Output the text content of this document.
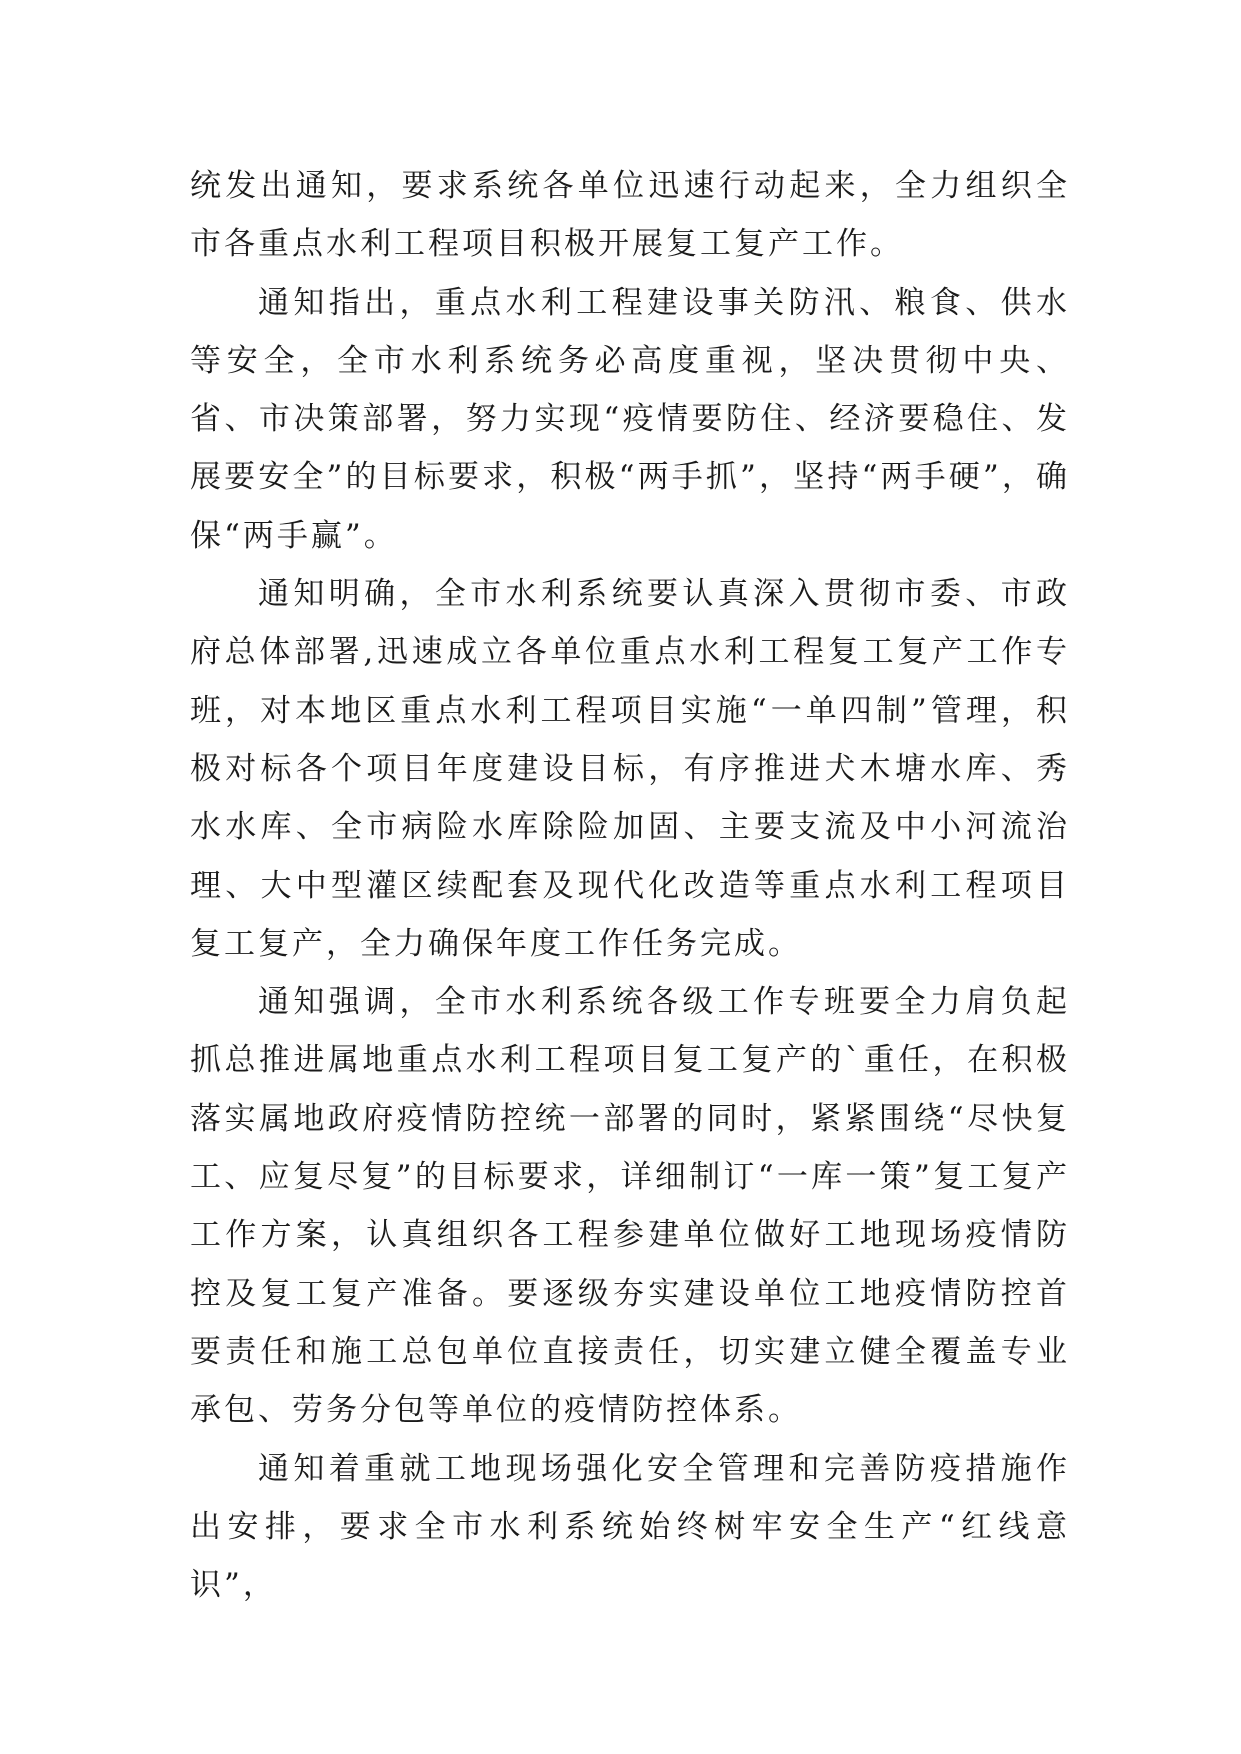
统发出通知，要求系统各单位迅速行动起来，全力组织全市各重点水利工程项目积极开展复工复产工作。

通知指出，重点水利工程建设事关防汛、粮食、供水等安全，全市水利系统务必高度重视，坚决贯彻中央、省、市决策部署，努力实现“疫情要防住、经济要稳住、发展要安全”的目标要求，积极“两手抓”，坚持“两手硬”，确保“两手赢”。

通知明确，全市水利系统要认真深入贯彻市委、市政府总体部署,迅速成立各单位重点水利工程复工复产工作专班，对本地区重点水利工程项目实施“一单四制”管理，积极对标各个项目年度建设目标，有序推进犬木塘水库、秀水水库、全市病险水库除险加固、主要支流及中小河流治理、大中型灌区续配套及现代化改造等重点水利工程项目复工复产，全力确保年度工作任务完成。

通知强调，全市水利系统各级工作专班要全力肩负起抓总推进属地重点水利工程项目复工复产的`重任，在积极落实属地政府疫情防控统一部署的同时，紧紧围绕“尽快复工、应复尽复”的目标要求，详细制订“一库一策”复工复产工作方案，认真组织各工程参建单位做好工地现场疫情防控及复工复产准备。要逐级夯实建设单位工地疫情防控首要责任和施工总包单位直接责任，切实建立健全覆盖专业承包、劳务分包等单位的疫情防控体系。

通知着重就工地现场强化安全管理和完善防疫措施作出安排，要求全市水利系统始终树牢安全生产“红线意识”，
